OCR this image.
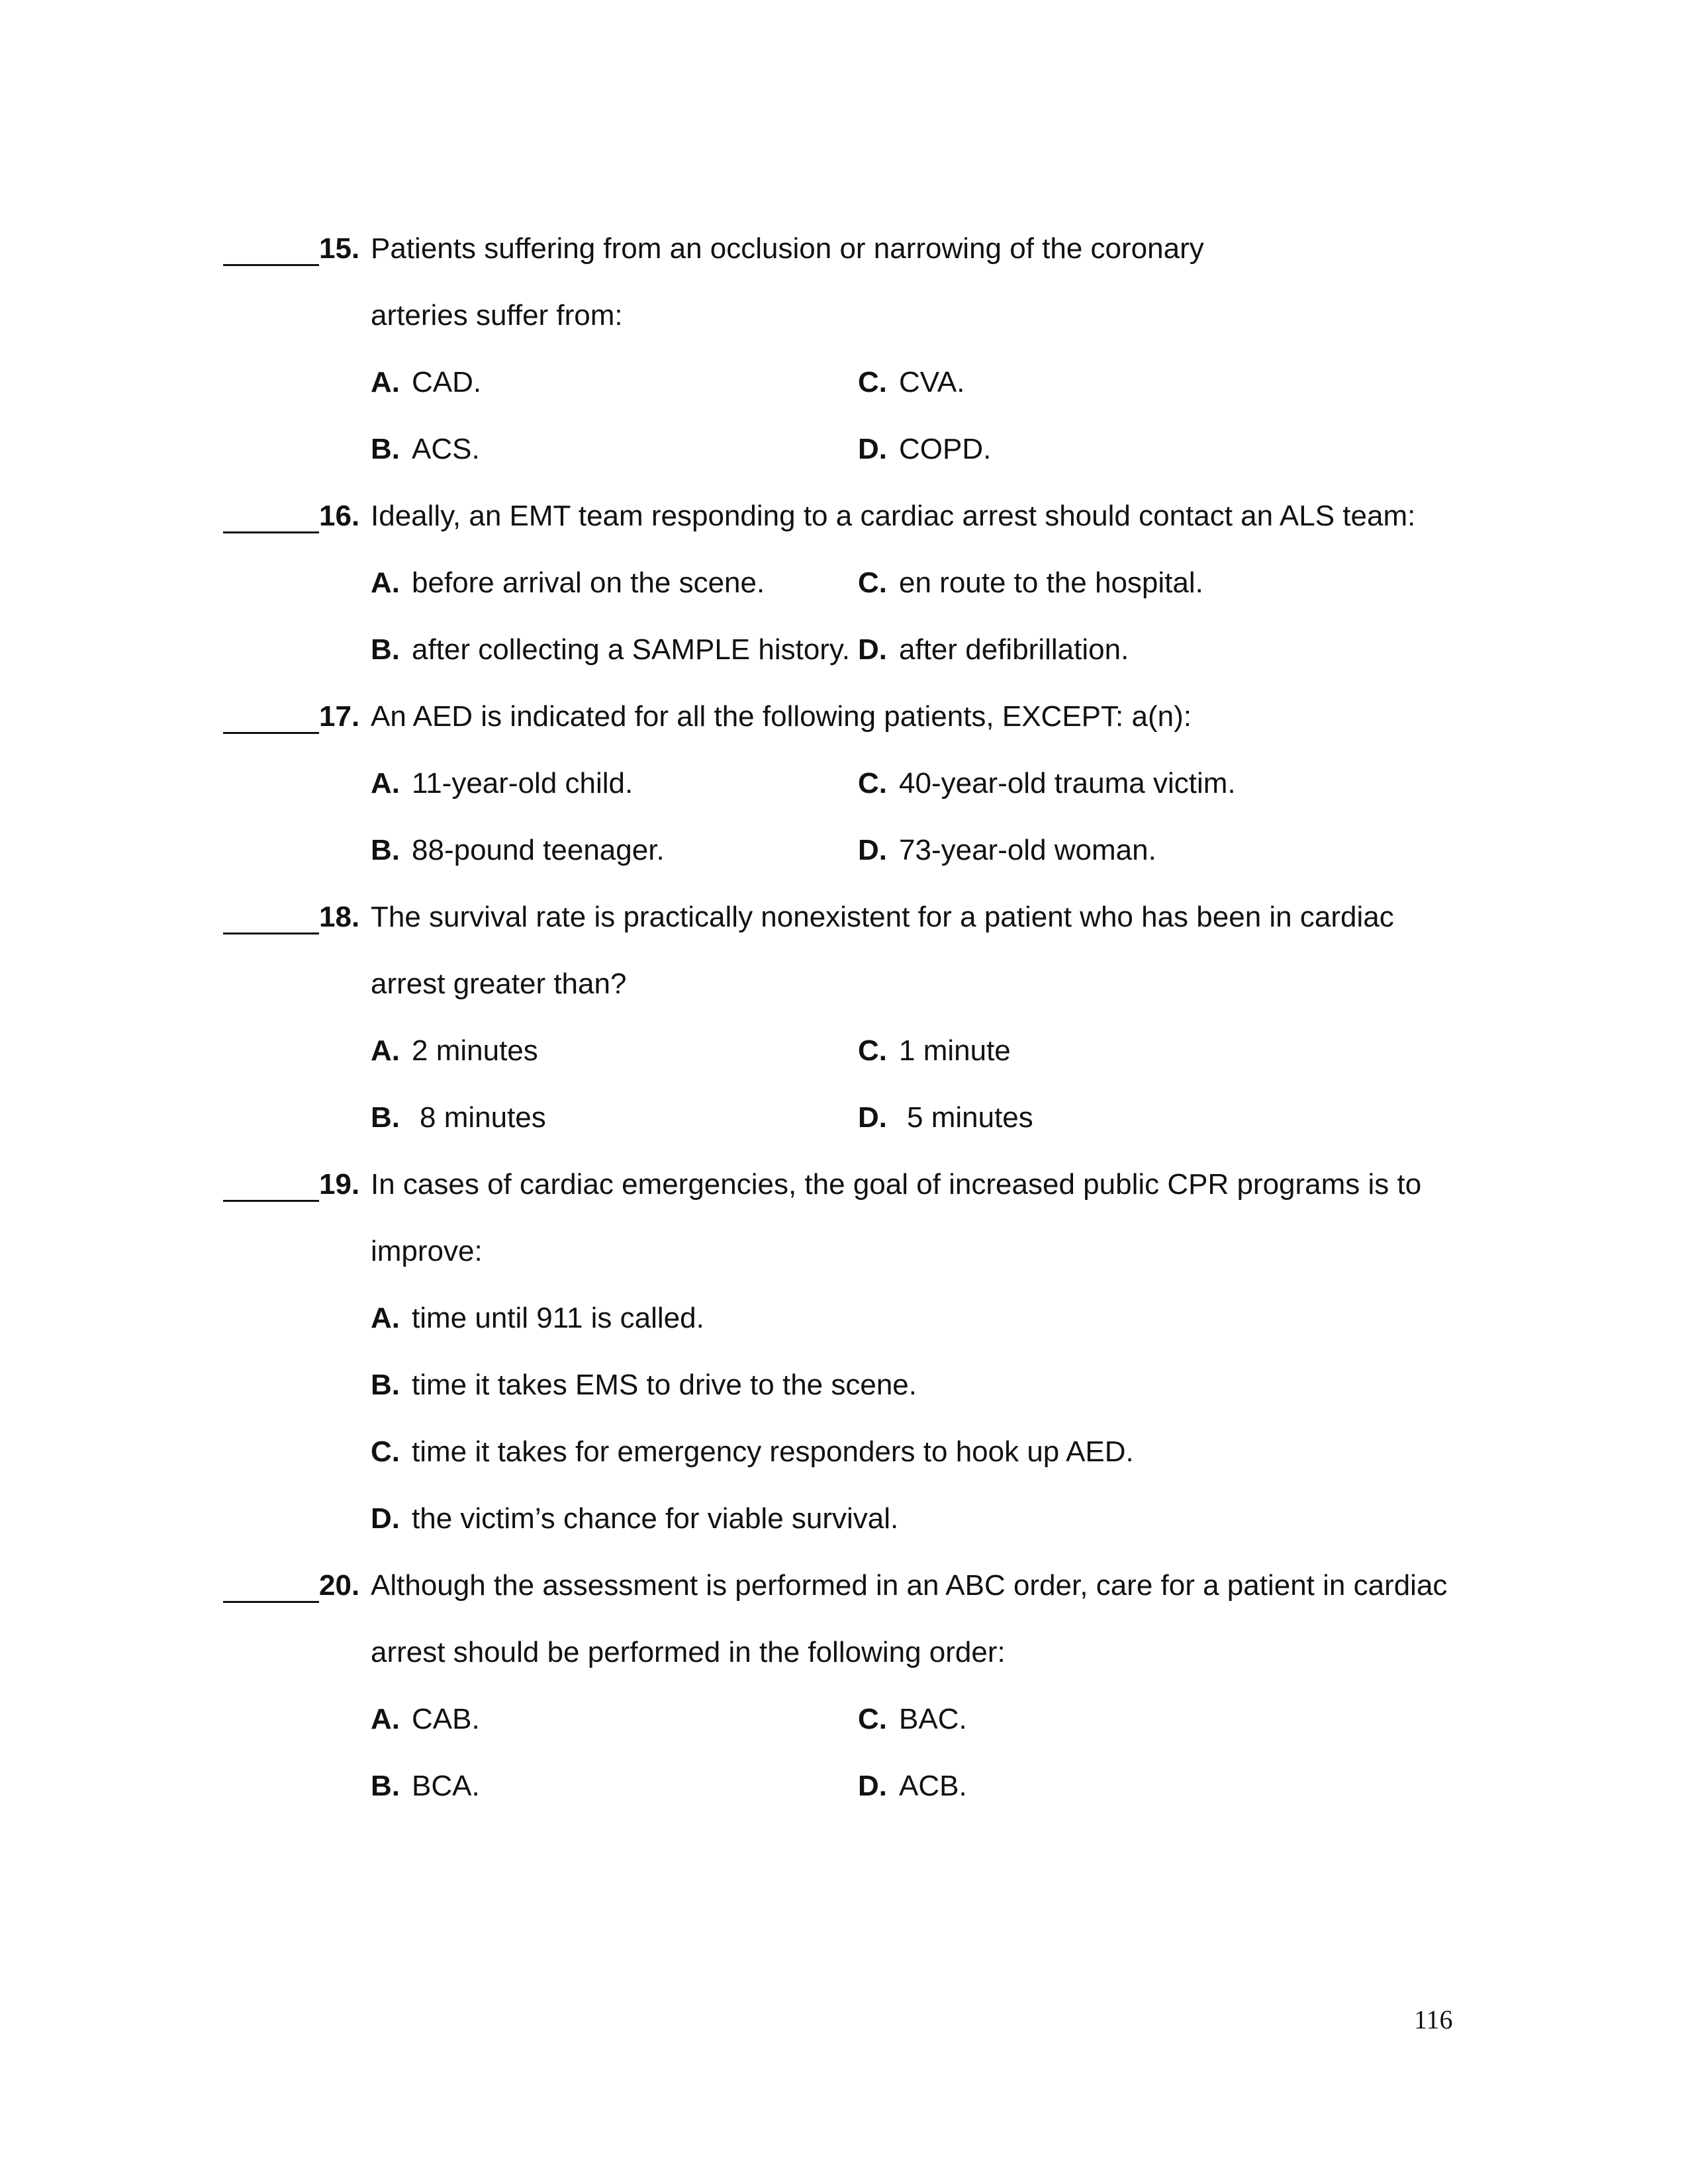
15. Patients suffering from an occlusion or narrowing of the coronary
arteries suffer from:
A. CAD.	C. CVA.
B. ACS.	D. COPD.
16. Ideally, an EMT team responding to a cardiac arrest should contact an ALS team:
A. before arrival on the scene.	C. en route to the hospital.
B. after collecting a SAMPLE history. D. after defibrillation.
17. An AED is indicated for all the following patients, EXCEPT: a(n):
A. 11-year-old child.	C. 40-year-old trauma victim.
B. 88-pound teenager.	D. 73-year-old woman.
18. The survival rate is practically nonexistent for a patient who has been in cardiac
arrest greater than?
A. 2 minutes	C. 1 minute
B. 8 minutes	D. 5 minutes
19. In cases of cardiac emergencies, the goal of increased public CPR programs is to
improve:
A. time until 911 is called.
B. time it takes EMS to drive to the scene.
C. time it takes for emergency responders to hook up AED.
D. the victim’s chance for viable survival.
20. Although the assessment is performed in an ABC order, care for a patient in cardiac
arrest should be performed in the following order:
A. CAB.	C. BAC.
B. BCA.	D. ACB.
116
